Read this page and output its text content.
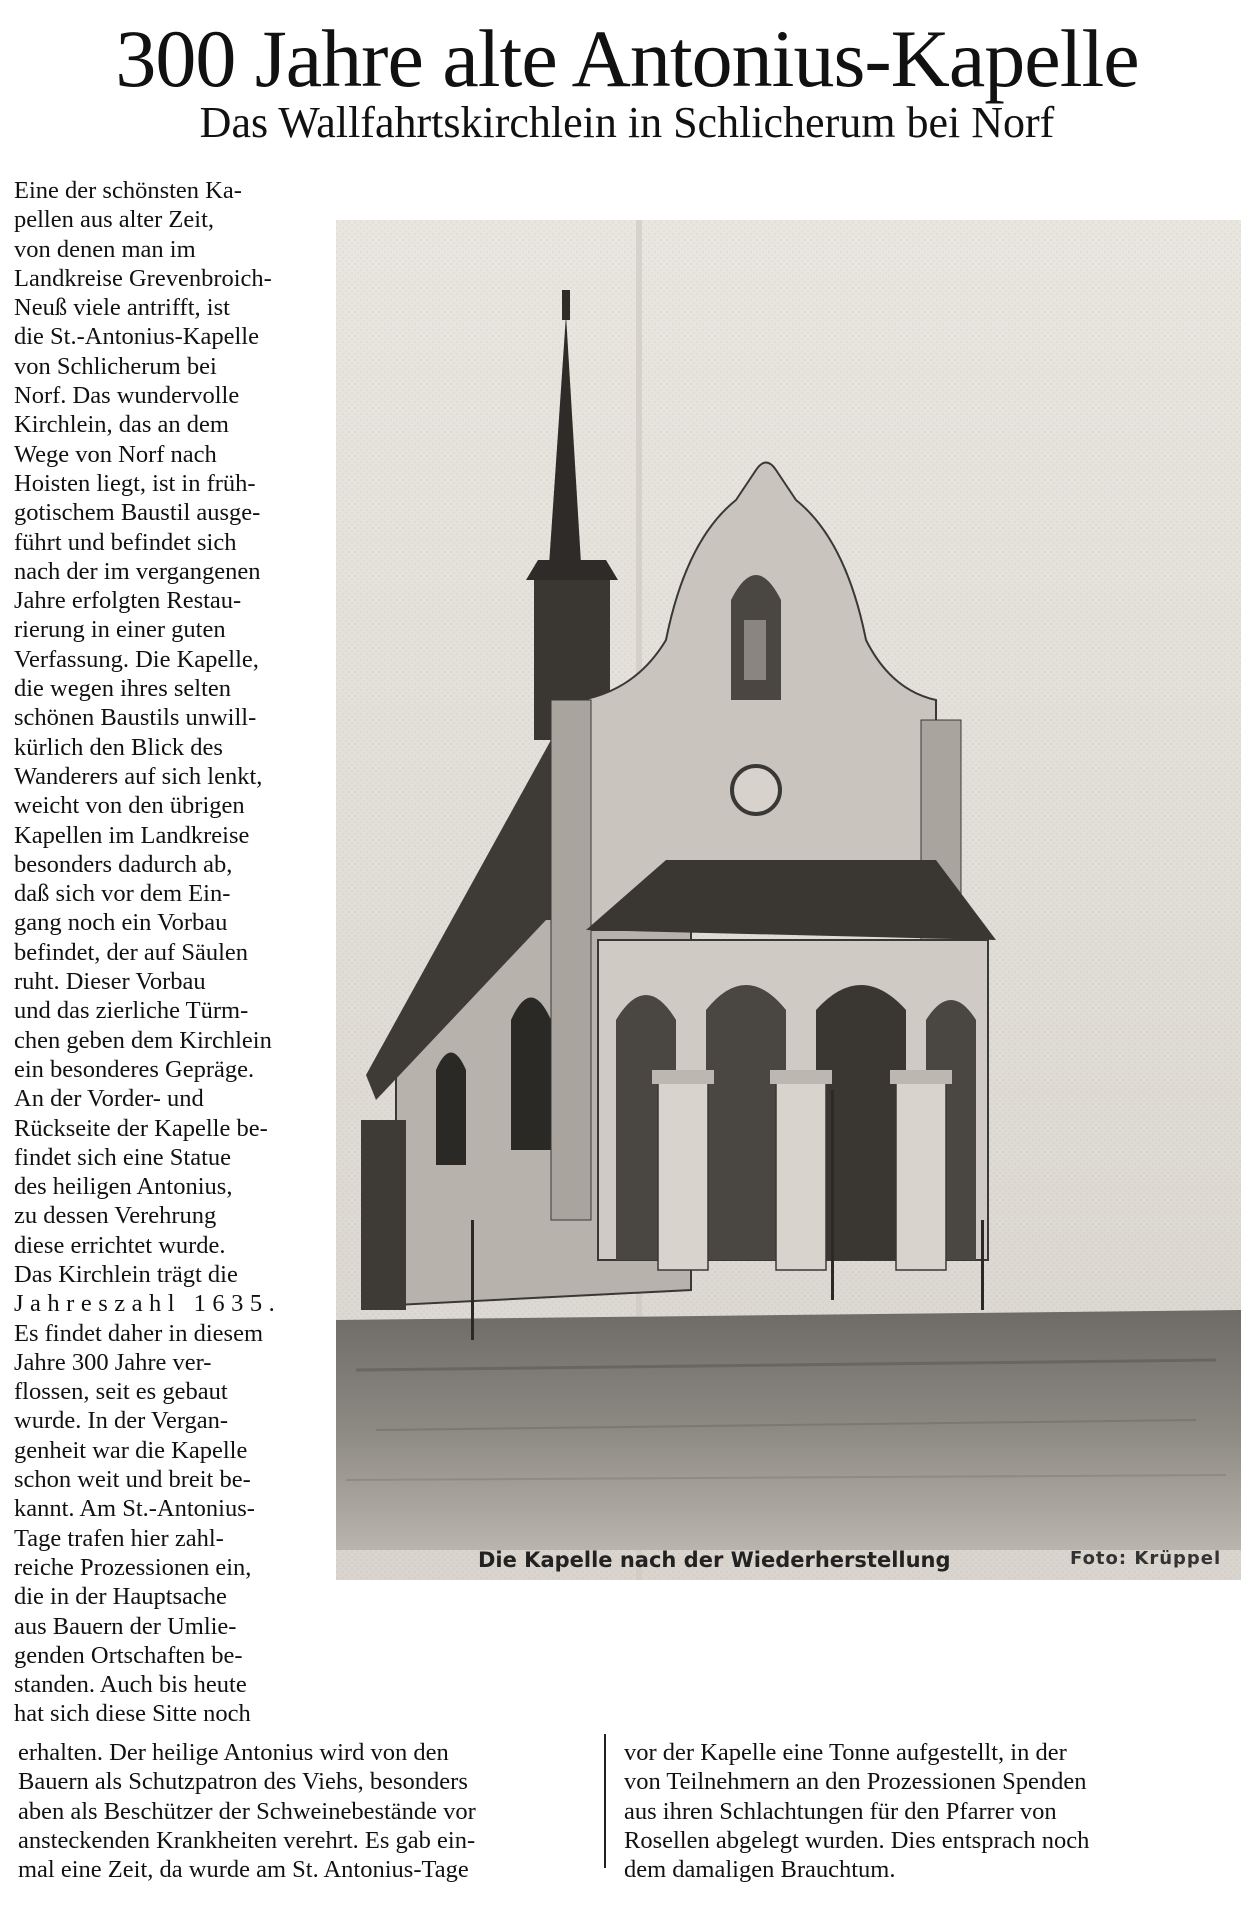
300 Jahre alte Antonius-Kapelle
Das Wallfahrtskirchlein in Schlicherum bei Norf
Eine der schönsten Ka-
pellen aus alter Zeit,
von denen man im
Landkreise Grevenbroich-
Neuß viele antrifft, ist
die St.-Antonius-Kapelle
von Schlicherum bei
Norf. Das wundervolle
Kirchlein, das an dem
Wege von Norf nach
Hoisten liegt, ist in früh-
gotischem Baustil ausge-
führt und befindet sich
nach der im vergangenen
Jahre erfolgten Restau-
rierung in einer guten
Verfassung. Die Kapelle,
die wegen ihres selten
schönen Baustils unwill-
kürlich den Blick des
Wanderers auf sich lenkt,
weicht von den übrigen
Kapellen im Landkreise
besonders dadurch ab,
daß sich vor dem Ein-
gang noch ein Vorbau
befindet, der auf Säulen
ruht. Dieser Vorbau
und das zierliche Türm-
chen geben dem Kirchlein
ein besonderes Gepräge.
An der Vorder- und
Rückseite der Kapelle be-
findet sich eine Statue
des heiligen Antonius,
zu dessen Verehrung
diese errichtet wurde.
Das Kirchlein trägt die
Jahreszahl 1635.
Es findet daher in diesem
Jahre 300 Jahre ver-
flossen, seit es gebaut
wurde. In der Vergan-
genheit war die Kapelle
schon weit und breit be-
kannt. Am St.-Antonius-
Tage trafen hier zahl-
reiche Prozessionen ein,
die in der Hauptsache
aus Bauern der Umlie-
genden Ortschaften be-
standen. Auch bis heute
hat sich diese Sitte noch
Die Kapelle nach der Wiederherstellung	Foto: Krüppel
erhalten. Der heilige Antonius wird von den
Bauern als Schutzpatron des Viehs, besonders
aben als Beschützer der Schweinebestände vor
ansteckenden Krankheiten verehrt. Es gab ein-
mal eine Zeit, da wurde am St. Antonius-Tage
vor der Kapelle eine Tonne aufgestellt, in der
von Teilnehmern an den Prozessionen Spenden
aus ihren Schlachtungen für den Pfarrer von
Rosellen abgelegt wurden. Dies entsprach noch
dem damaligen Brauchtum.
